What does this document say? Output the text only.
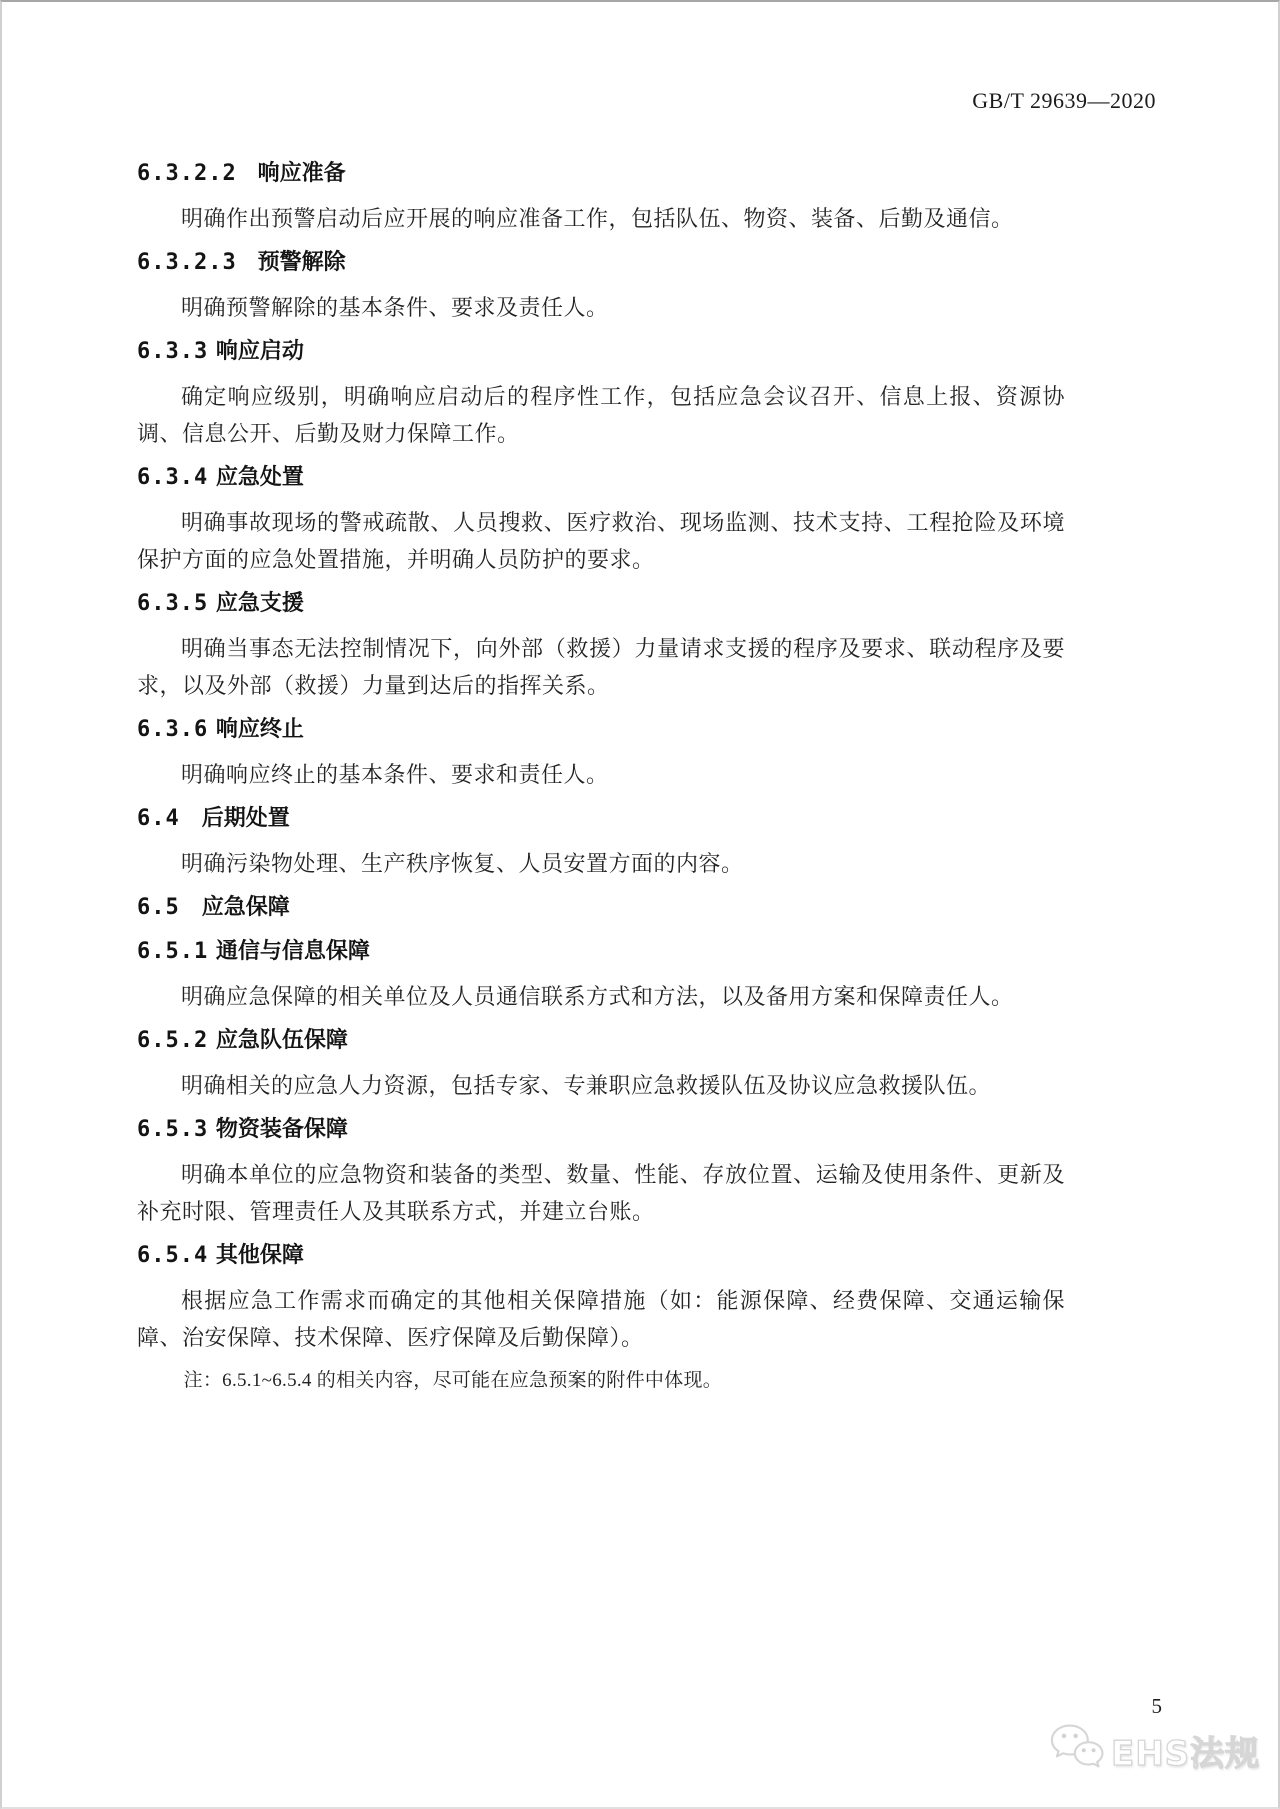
GB/T 29639—2020
6.3.2.2 响应准备

明确作出预警启动后应开展的响应准备工作，包括队伍、物资、装备、后勤及通信。

6.3.2.3 预警解除

明确预警解除的基本条件、要求及责任人。

6.3.3 响应启动

确定响应级别，明确响应启动后的程序性工作，包括应急会议召开、信息上报、资源协调、信息公开、后勤及财力保障工作。

6.3.4 应急处置

明确事故现场的警戒疏散、人员搜救、医疗救治、现场监测、技术支持、工程抢险及环境保护方面的应急处置措施，并明确人员防护的要求。

6.3.5 应急支援

明确当事态无法控制情况下，向外部（救援）力量请求支援的程序及要求、联动程序及要求，以及外部（救援）力量到达后的指挥关系。

6.3.6 响应终止

明确响应终止的基本条件、要求和责任人。

6.4 后期处置

明确污染物处理、生产秩序恢复、人员安置方面的内容。

6.5 应急保障
6.5.1 通信与信息保障

明确应急保障的相关单位及人员通信联系方式和方法，以及备用方案和保障责任人。

6.5.2 应急队伍保障

明确相关的应急人力资源，包括专家、专兼职应急救援队伍及协议应急救援队伍。

6.5.3 物资装备保障

明确本单位的应急物资和装备的类型、数量、性能、存放位置、运输及使用条件、更新及补充时限、管理责任人及其联系方式，并建立台账。

6.5.4 其他保障

根据应急工作需求而确定的其他相关保障措施（如：能源保障、经费保障、交通运输保障、治安保障、技术保障、医疗保障及后勤保障）。

注：6.5.1~6.5.4 的相关内容，尽可能在应急预案的附件中体现。

5
EHS法规
